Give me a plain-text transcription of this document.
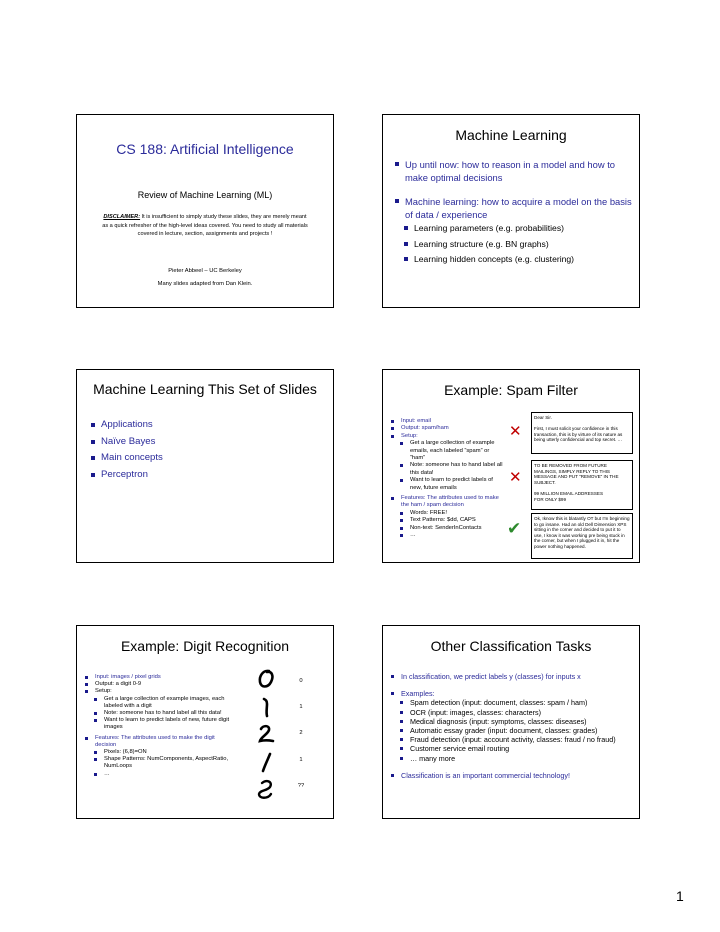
CS 188: Artificial Intelligence
Review of Machine Learning (ML)
DISCLAIMER: It is insufficient to simply study these slides, they are merely meant as a quick refresher of the high-level ideas covered. You need to study all materials covered in lecture, section, assignments and projects !
Pieter Abbeel – UC Berkeley
Many slides adapted from Dan Klein.
Machine Learning
Up until now: how to reason in a model and how to make optimal decisions
Machine learning: how to acquire a model on the basis of data / experience
Learning parameters (e.g. probabilities)
Learning structure (e.g. BN graphs)
Learning hidden concepts (e.g. clustering)
Machine Learning This Set of Slides
Applications
Naïve Bayes
Main concepts
Perceptron
Example: Spam Filter
Input: email
Output: spam/ham
Setup:
Get a large collection of example emails, each labeled “spam” or “ham”
Note: someone has to hand label all this data!
Want to learn to predict labels of new, future emails
Features: The attributes used to make the ham / spam decision
Words: FREE!
Text Patterns: $dd, CAPS
Non-text: SenderInContacts
…
Dear Sir.

First, I must solicit your confidence in this transaction, this is by virture of its nature as being utterly confidencial and top secret. …
TO BE REMOVED FROM FUTURE MAILINGS, SIMPLY REPLY TO THIS MESSAGE AND PUT "REMOVE" IN THE SUBJECT.

99 MILLION EMAIL ADDRESSES
FOR ONLY $99
Ok, Iknow this is blatantly OT but I'm beginning to go insane. Had an old Dell Dimension XPS sitting in the corner and decided to put it to use, I know it was working pre being stuck in the corner, but when I plugged it in, hit the power nothing happened.
✕
✕
✔
Example: Digit Recognition
Input: images / pixel grids
Output: a digit 0-9
Setup:
Get a large collection of example images, each labeled with a digit
Note: someone has to hand label all this data!
Want to learn to predict labels of new, future digit images
Features: The attributes used to make the digit decision
Pixels: (6,8)=ON
Shape Patterns: NumComponents, AspectRatio, NumLoops
…
0
1
2
1
??
Other Classification Tasks
In classification, we predict labels y (classes) for inputs x
Examples:
Spam detection (input: document, classes: spam / ham)
OCR (input: images, classes: characters)
Medical diagnosis (input: symptoms, classes: diseases)
Automatic essay grader (input: document, classes: grades)
Fraud detection (input: account activity, classes: fraud / no fraud)
Customer service email routing
… many more
Classification is an important commercial technology!
1
